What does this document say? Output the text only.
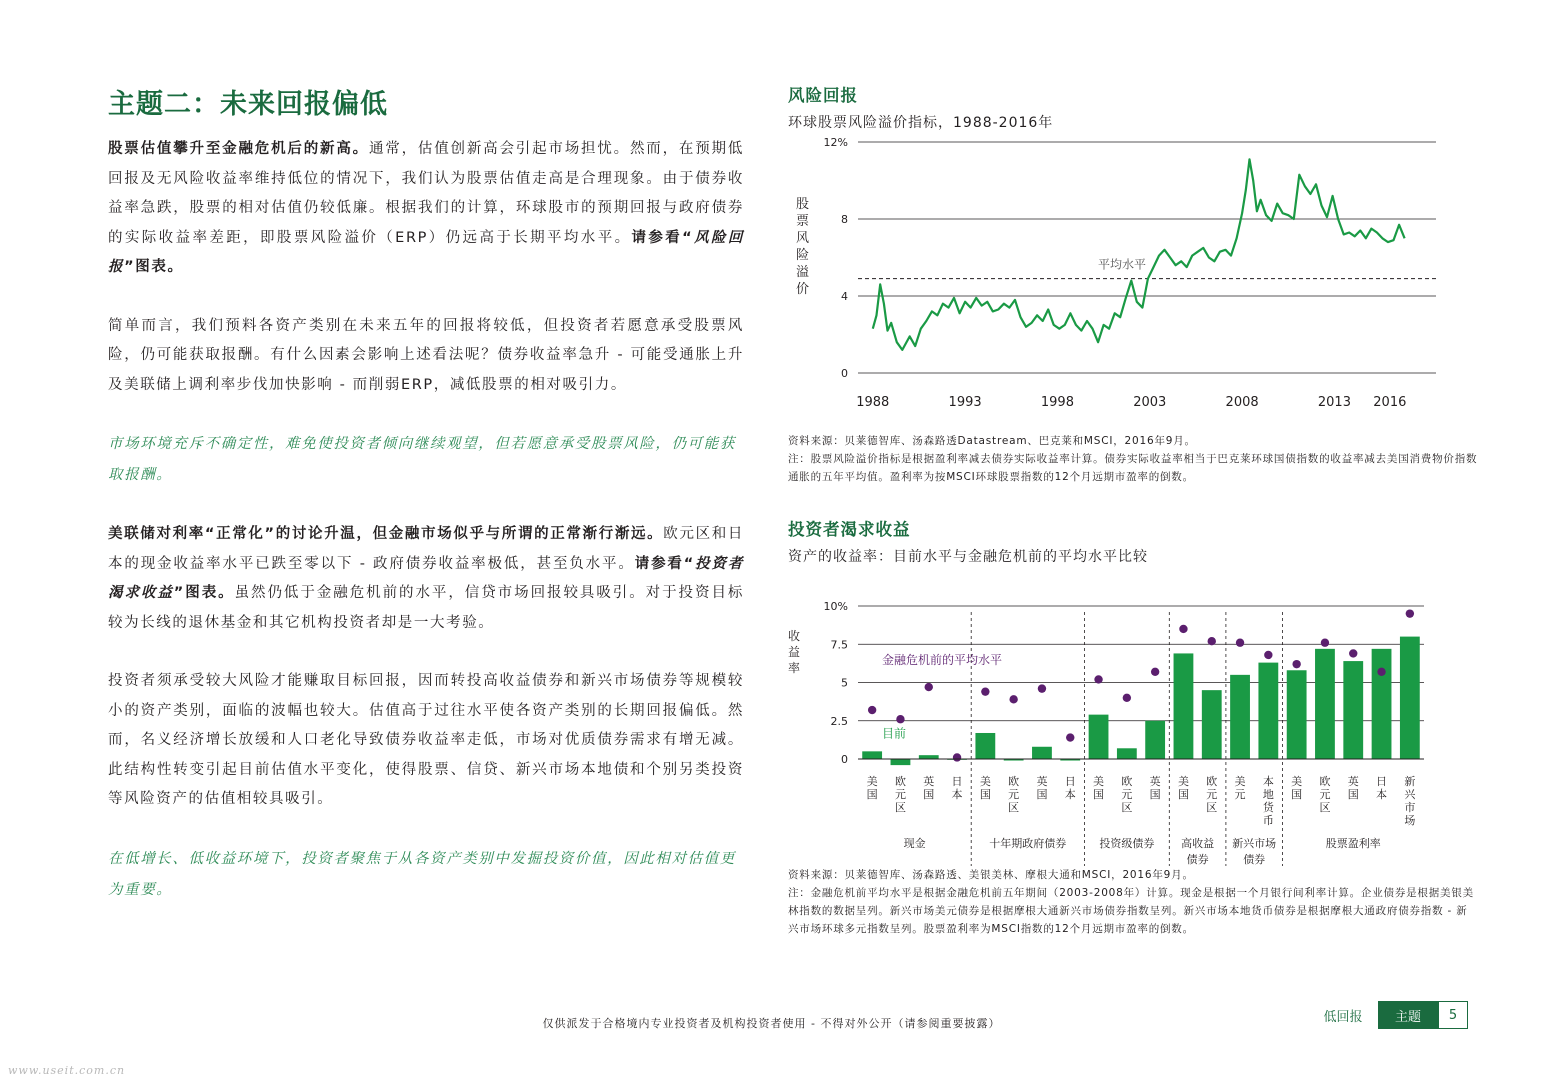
主题二：未来回报偏低

股票估值攀升至金融危机后的新高。通常，估值创新高会引起市场担忧。然而，在预期低回报及无风险收益率维持低位的情况下，我们认为股票估值走高是合理现象。由于债券收益率急跌，股票的相对估值仍较低廉。根据我们的计算，环球股市的预期回报与政府债券的实际收益率差距，即股票风险溢价（ERP）仍远高于长期平均水平。请参看“风险回报”图表。

简单而言，我们预料各资产类别在未来五年的回报将较低，但投资者若愿意承受股票风险，仍可能获取报酬。有什么因素会影响上述看法呢？债券收益率急升 - 可能受通胀上升及美联储上调利率步伐加快影响 - 而削弱ERP，减低股票的相对吸引力。

市场环境充斥不确定性，难免使投资者倾向继续观望，但若愿意承受股票风险，仍可能获取报酬。

美联储对利率“正常化”的讨论升温，但金融市场似乎与所谓的正常渐行渐远。欧元区和日本的现金收益率水平已跌至零以下 - 政府债券收益率极低，甚至负水平。请参看“投资者渴求收益”图表。虽然仍低于金融危机前的水平，信贷市场回报较具吸引。对于投资目标较为长线的退休基金和其它机构投资者却是一大考验。

投资者须承受较大风险才能赚取目标回报，因而转投高收益债券和新兴市场债券等规模较小的资产类别，面临的波幅也较大。估值高于过往水平使各资产类别的长期回报偏低。然而，名义经济增长放缓和人口老化导致债券收益率走低，市场对优质债券需求有增无减。此结构性转变引起目前估值水平变化，使得股票、信贷、新兴市场本地债和个别另类投资等风险资产的估值相较具吸引。

在低增长、低收益环境下，投资者聚焦于从各资产类别中发掘投资价值，因此相对估值更为重要。

风险回报

环球股票风险溢价指标，1988-2016年

0
4
8
12%
股
票
风
险
溢
价
平均水平
1988	1993	1998	2003	2008	2013 2016

资料来源：贝莱德智库、汤森路透Datastream、巴克莱和MSCI，2016年9月。

注：股票风险溢价指标是根据盈利率减去债券实际收益率计算。债券实际收益率相当于巴克莱环球国债指数的收益率减去美国消费物价指数通胀的五年平均值。盈利率为按MSCI环球股票指数的12个月远期市盈率的倒数。

投资者渴求收益

资产的收益率：目前水平与金融危机前的平均水平比较

0
2.5
5
7.5
10%
收
益
率
现金	十年期政府债券	投资级债券 高收益
债券
新兴市场
债券
股票盈利率
美
国
欧
元
区
英
国
日
本
美
国
欧
元
区
英
国
日
本
美
国
欧
元
区
英
国
美
国
欧
元
区
美
元
本
地
货
币
美
国
欧
元
区
英
国
日
本
新
兴
市
场
金融危机前的平均水平
目前

资料来源：贝莱德智库、汤森路透、美银美林、摩根大通和MSCI，2016年9月。

注：金融危机前平均水平是根据金融危机前五年期间（2003-2008年）计算。现金是根据一个月银行间利率计算。企业债券是根据美银美林指数的数据呈列。新兴市场美元债券是根据摩根大通新兴市场债券指数呈列。新兴市场本地货币债券是根据摩根大通政府债券指数 - 新兴市场环球多元指数呈列。股票盈利率为MSCI指数的12个月远期市盈率的倒数。

仅供派发于合格境内专业投资者及机构投资者使用 - 不得对外公开（请参阅重要披露）	低回报	主题	5
www.useit.com.cn
